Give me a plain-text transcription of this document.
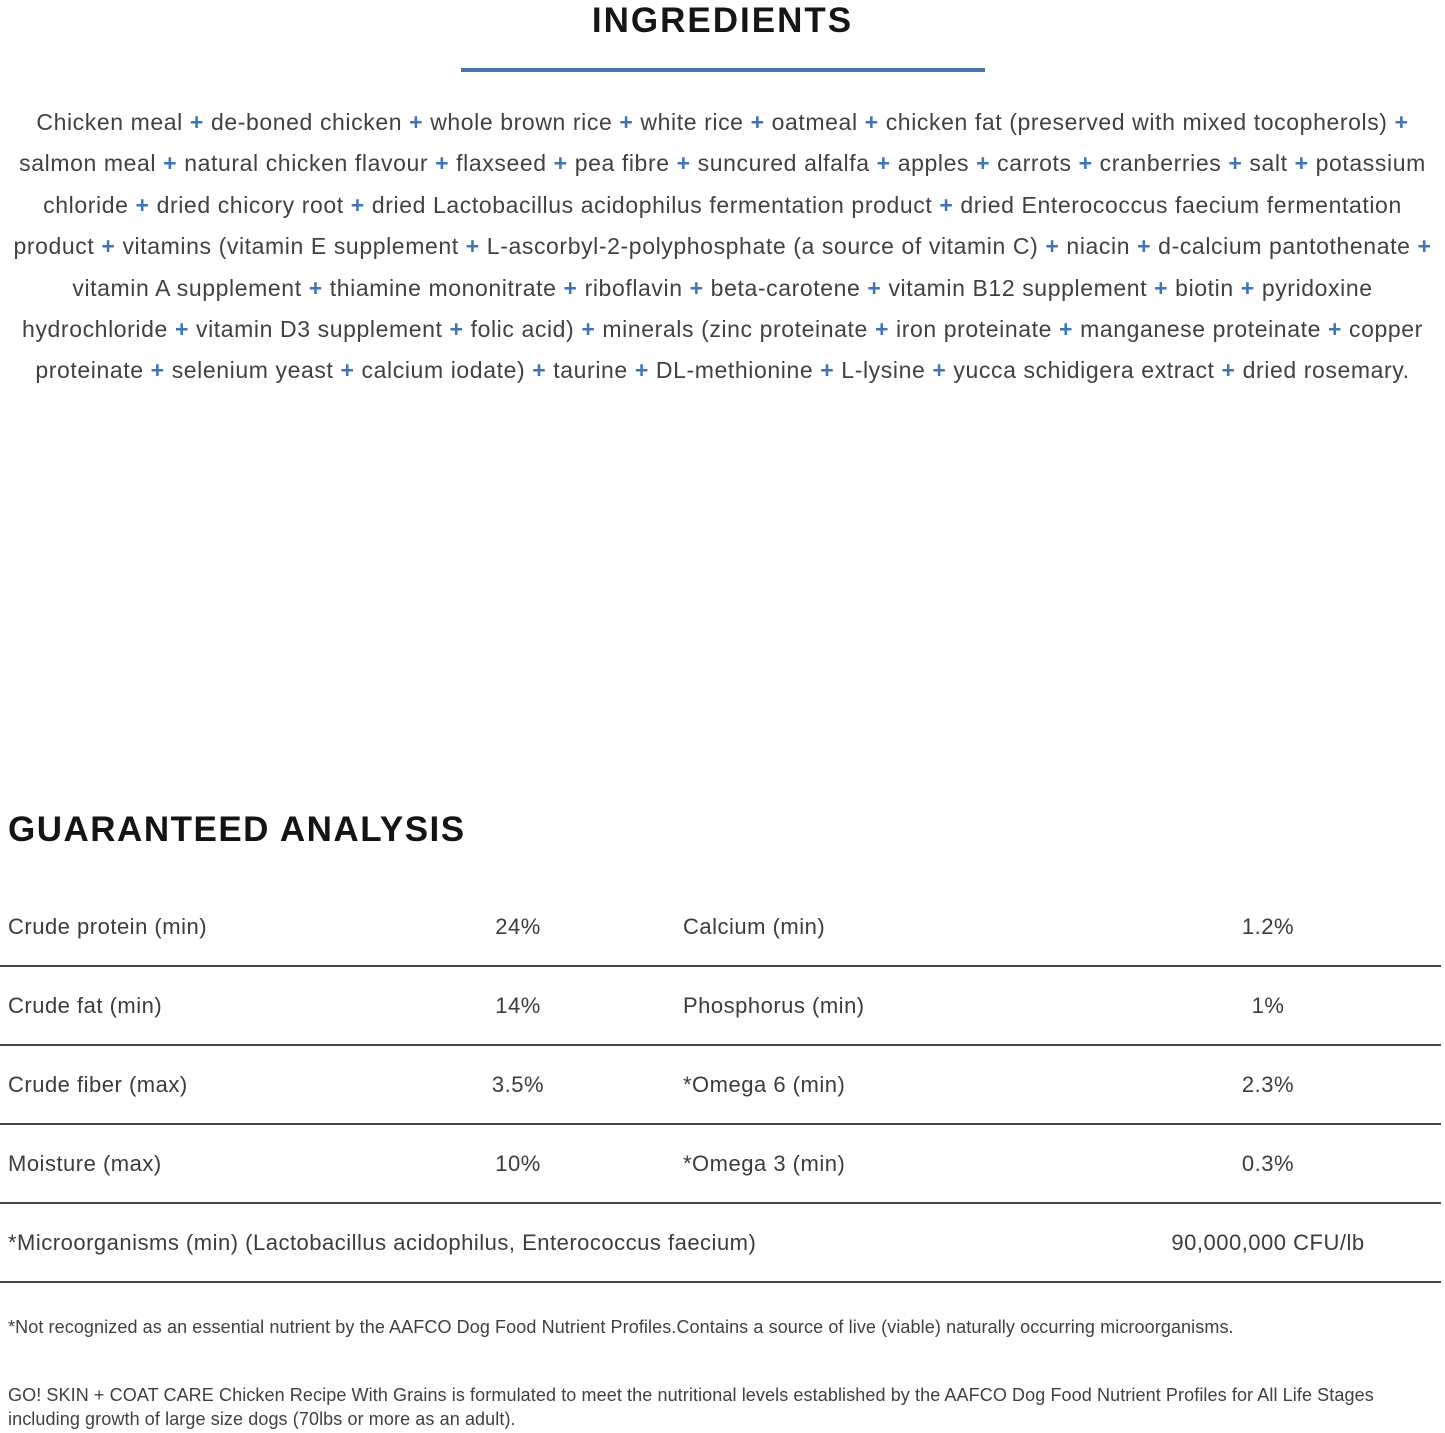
INGREDIENTS

Chicken meal + de-boned chicken + whole brown rice + white rice + oatmeal + chicken fat (preserved with mixed tocopherols) + salmon meal + natural chicken flavour + flaxseed + pea fibre + suncured alfalfa + apples + carrots + cranberries + salt + potassium chloride + dried chicory root + dried Lactobacillus acidophilus fermentation product + dried Enterococcus faecium fermentation product + vitamins (vitamin E supplement + L-ascorbyl-2-polyphosphate (a source of vitamin C) + niacin + d-calcium pantothenate + vitamin A supplement + thiamine mononitrate + riboflavin + beta-carotene + vitamin B12 supplement + biotin + pyridoxine hydrochloride + vitamin D3 supplement + folic acid) + minerals (zinc proteinate + iron proteinate + manganese proteinate + copper proteinate + selenium yeast + calcium iodate) + taurine + DL-methionine + L-lysine + yucca schidigera extract + dried rosemary.

GUARANTEED ANALYSIS
Crude protein (min)	24%	Calcium (min)	1.2%
Crude fat (min)	14%	Phosphorus (min)	1%
Crude fiber (max)	3.5%	*Omega 6 (min)	2.3%
Moisture (max)	10%	*Omega 3 (min)	0.3%
*Microorganisms (min) (Lactobacillus acidophilus, Enterococcus faecium)	90,000,000 CFU/lb

*Not recognized as an essential nutrient by the AAFCO Dog Food Nutrient Profiles.Contains a source of live (viable) naturally occurring microorganisms.

GO! SKIN + COAT CARE Chicken Recipe With Grains is formulated to meet the nutritional levels established by the AAFCO Dog Food Nutrient Profiles for All Life Stages including growth of large size dogs (70lbs or more as an adult).
